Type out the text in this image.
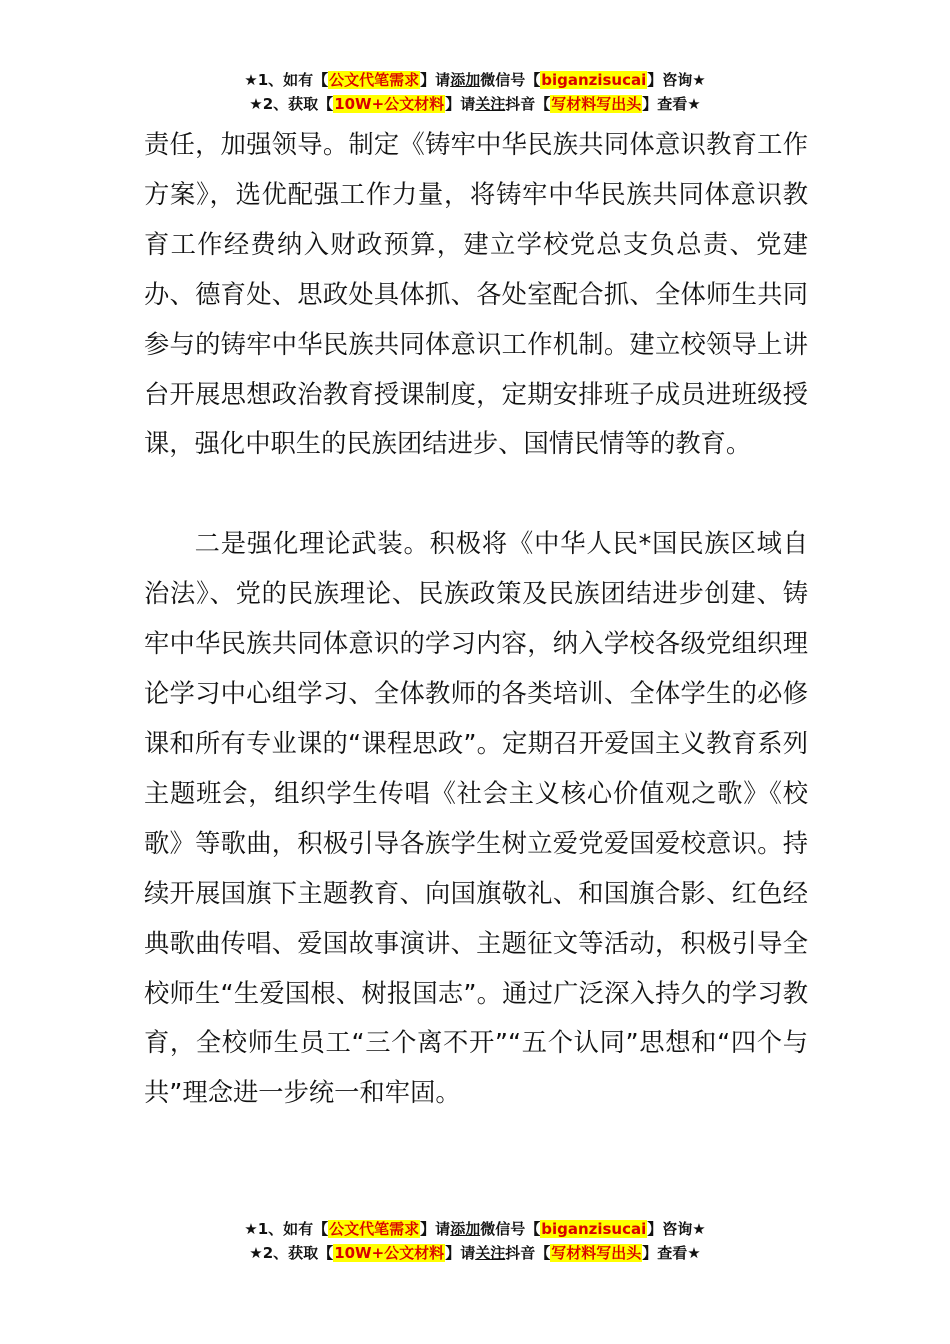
★1、如有【公文代笔需求】请添加微信号【biganzisucai】咨询★
★2、获取【10W+公文材料】请关注抖音【写材料写出头】查看★

责任，加强领导。制定《铸牢中华民族共同体意识教育工作方案》，选优配强工作力量，将铸牢中华民族共同体意识教育工作经费纳入财政预算，建立学校党总支负总责、党建办、德育处、思政处具体抓、各处室配合抓、全体师生共同参与的铸牢中华民族共同体意识工作机制。建立校领导上讲台开展思想政治教育授课制度，定期安排班子成员进班级授课，强化中职生的民族团结进步、国情民情等的教育。

二是强化理论武装。积极将《中华人民*国民族区域自治法》、党的民族理论、民族政策及民族团结进步创建、铸牢中华民族共同体意识的学习内容，纳入学校各级党组织理论学习中心组学习、全体教师的各类培训、全体学生的必修课和所有专业课的“课程思政”。定期召开爱国主义教育系列主题班会，组织学生传唱《社会主义核心价值观之歌》《校歌》等歌曲，积极引导各族学生树立爱党爱国爱校意识。持续开展国旗下主题教育、向国旗敬礼、和国旗合影、红色经典歌曲传唱、爱国故事演讲、主题征文等活动，积极引导全校师生“生爱国根、树报国志”。通过广泛深入持久的学习教育，全校师生员工“三个离不开”“五个认同”思想和“四个与共”理念进一步统一和牢固。

★1、如有【公文代笔需求】请添加微信号【biganzisucai】咨询★
★2、获取【10W+公文材料】请关注抖音【写材料写出头】查看★
